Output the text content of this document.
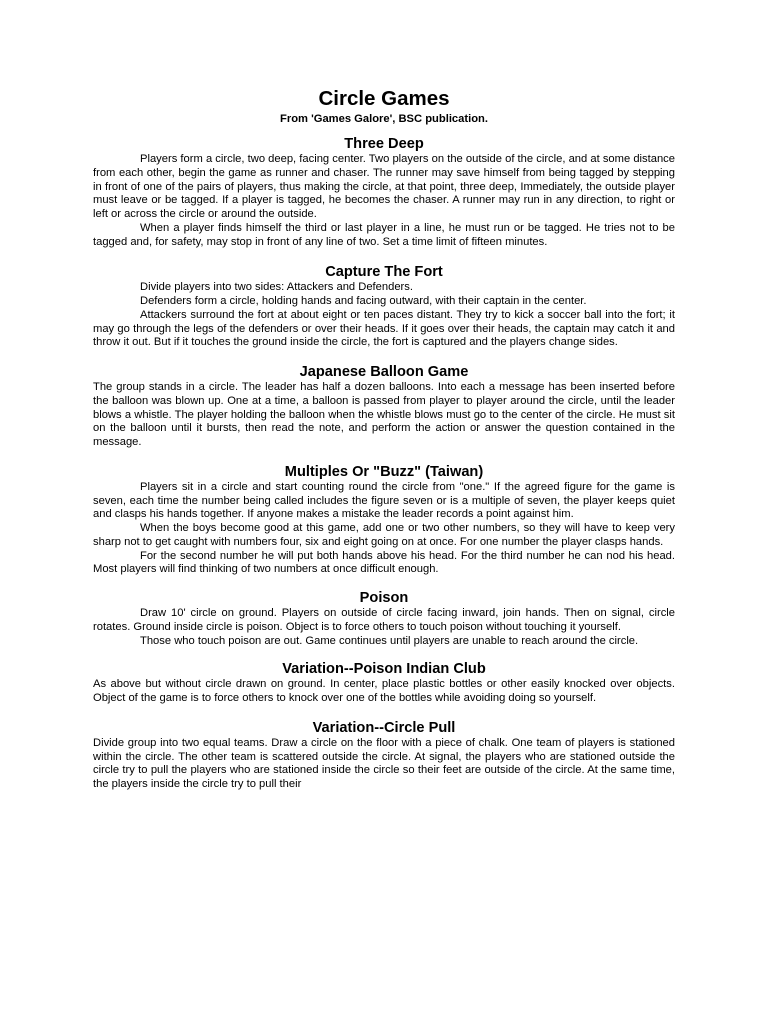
Circle Games
From 'Games Galore', BSC publication.
Three Deep

Players form a circle, two deep, facing center. Two players on the outside of the circle, and at some distance from each other, begin the game as runner and chaser. The runner may save himself from being tagged by stepping in front of one of the pairs of players, thus making the circle, at that point, three deep, Immediately, the outside player must leave or be tagged. If a player is tagged, he becomes the chaser. A runner may run in any direction, to right or left or across the circle or around the outside.

When a player finds himself the third or last player in a line, he must run or be tagged. He tries not to be tagged and, for safety, may stop in front of any line of two. Set a time limit of fifteen minutes.

Capture The Fort

Divide players into two sides: Attackers and Defenders.

Defenders form a circle, holding hands and facing outward, with their captain in the center.

Attackers surround the fort at about eight or ten paces distant. They try to kick a soccer ball into the fort; it may go through the legs of the defenders or over their heads. If it goes over their heads, the captain may catch it and throw it out. But if it touches the ground inside the circle, the fort is captured and the players change sides.

Japanese Balloon Game

The group stands in a circle. The leader has half a dozen balloons. Into each a message has been inserted before the balloon was blown up. One at a time, a balloon is passed from player to player around the circle, until the leader blows a whistle. The player holding the balloon when the whistle blows must go to the center of the circle. He must sit on the balloon until it bursts, then read the note, and perform the action or answer the question contained in the message.

Multiples Or "Buzz" (Taiwan)

Players sit in a circle and start counting round the circle from "one." If the agreed figure for the game is seven, each time the number being called includes the figure seven or is a multiple of seven, the player keeps quiet and clasps his hands together. If anyone makes a mistake the leader records a point against him.

When the boys become good at this game, add one or two other numbers, so they will have to keep very sharp not to get caught with numbers four, six and eight going on at once. For one number the player clasps hands.

For the second number he will put both hands above his head. For the third number he can nod his head. Most players will find thinking of two numbers at once difficult enough.

Poison

Draw 10' circle on ground. Players on outside of circle facing inward, join hands. Then on signal, circle rotates. Ground inside circle is poison. Object is to force others to touch poison without touching it yourself.

Those who touch poison are out. Game continues until players are unable to reach around the circle.

Variation--Poison Indian Club

As above but without circle drawn on ground. In center, place plastic bottles or other easily knocked over objects. Object of the game is to force others to knock over one of the bottles while avoiding doing so yourself.

Variation--Circle Pull

Divide group into two equal teams. Draw a circle on the floor with a piece of chalk. One team of players is stationed within the circle. The other team is scattered outside the circle. At signal, the players who are stationed outside the circle try to pull the players who are stationed inside the circle so their feet are outside of the circle. At the same time, the players inside the circle try to pull their
